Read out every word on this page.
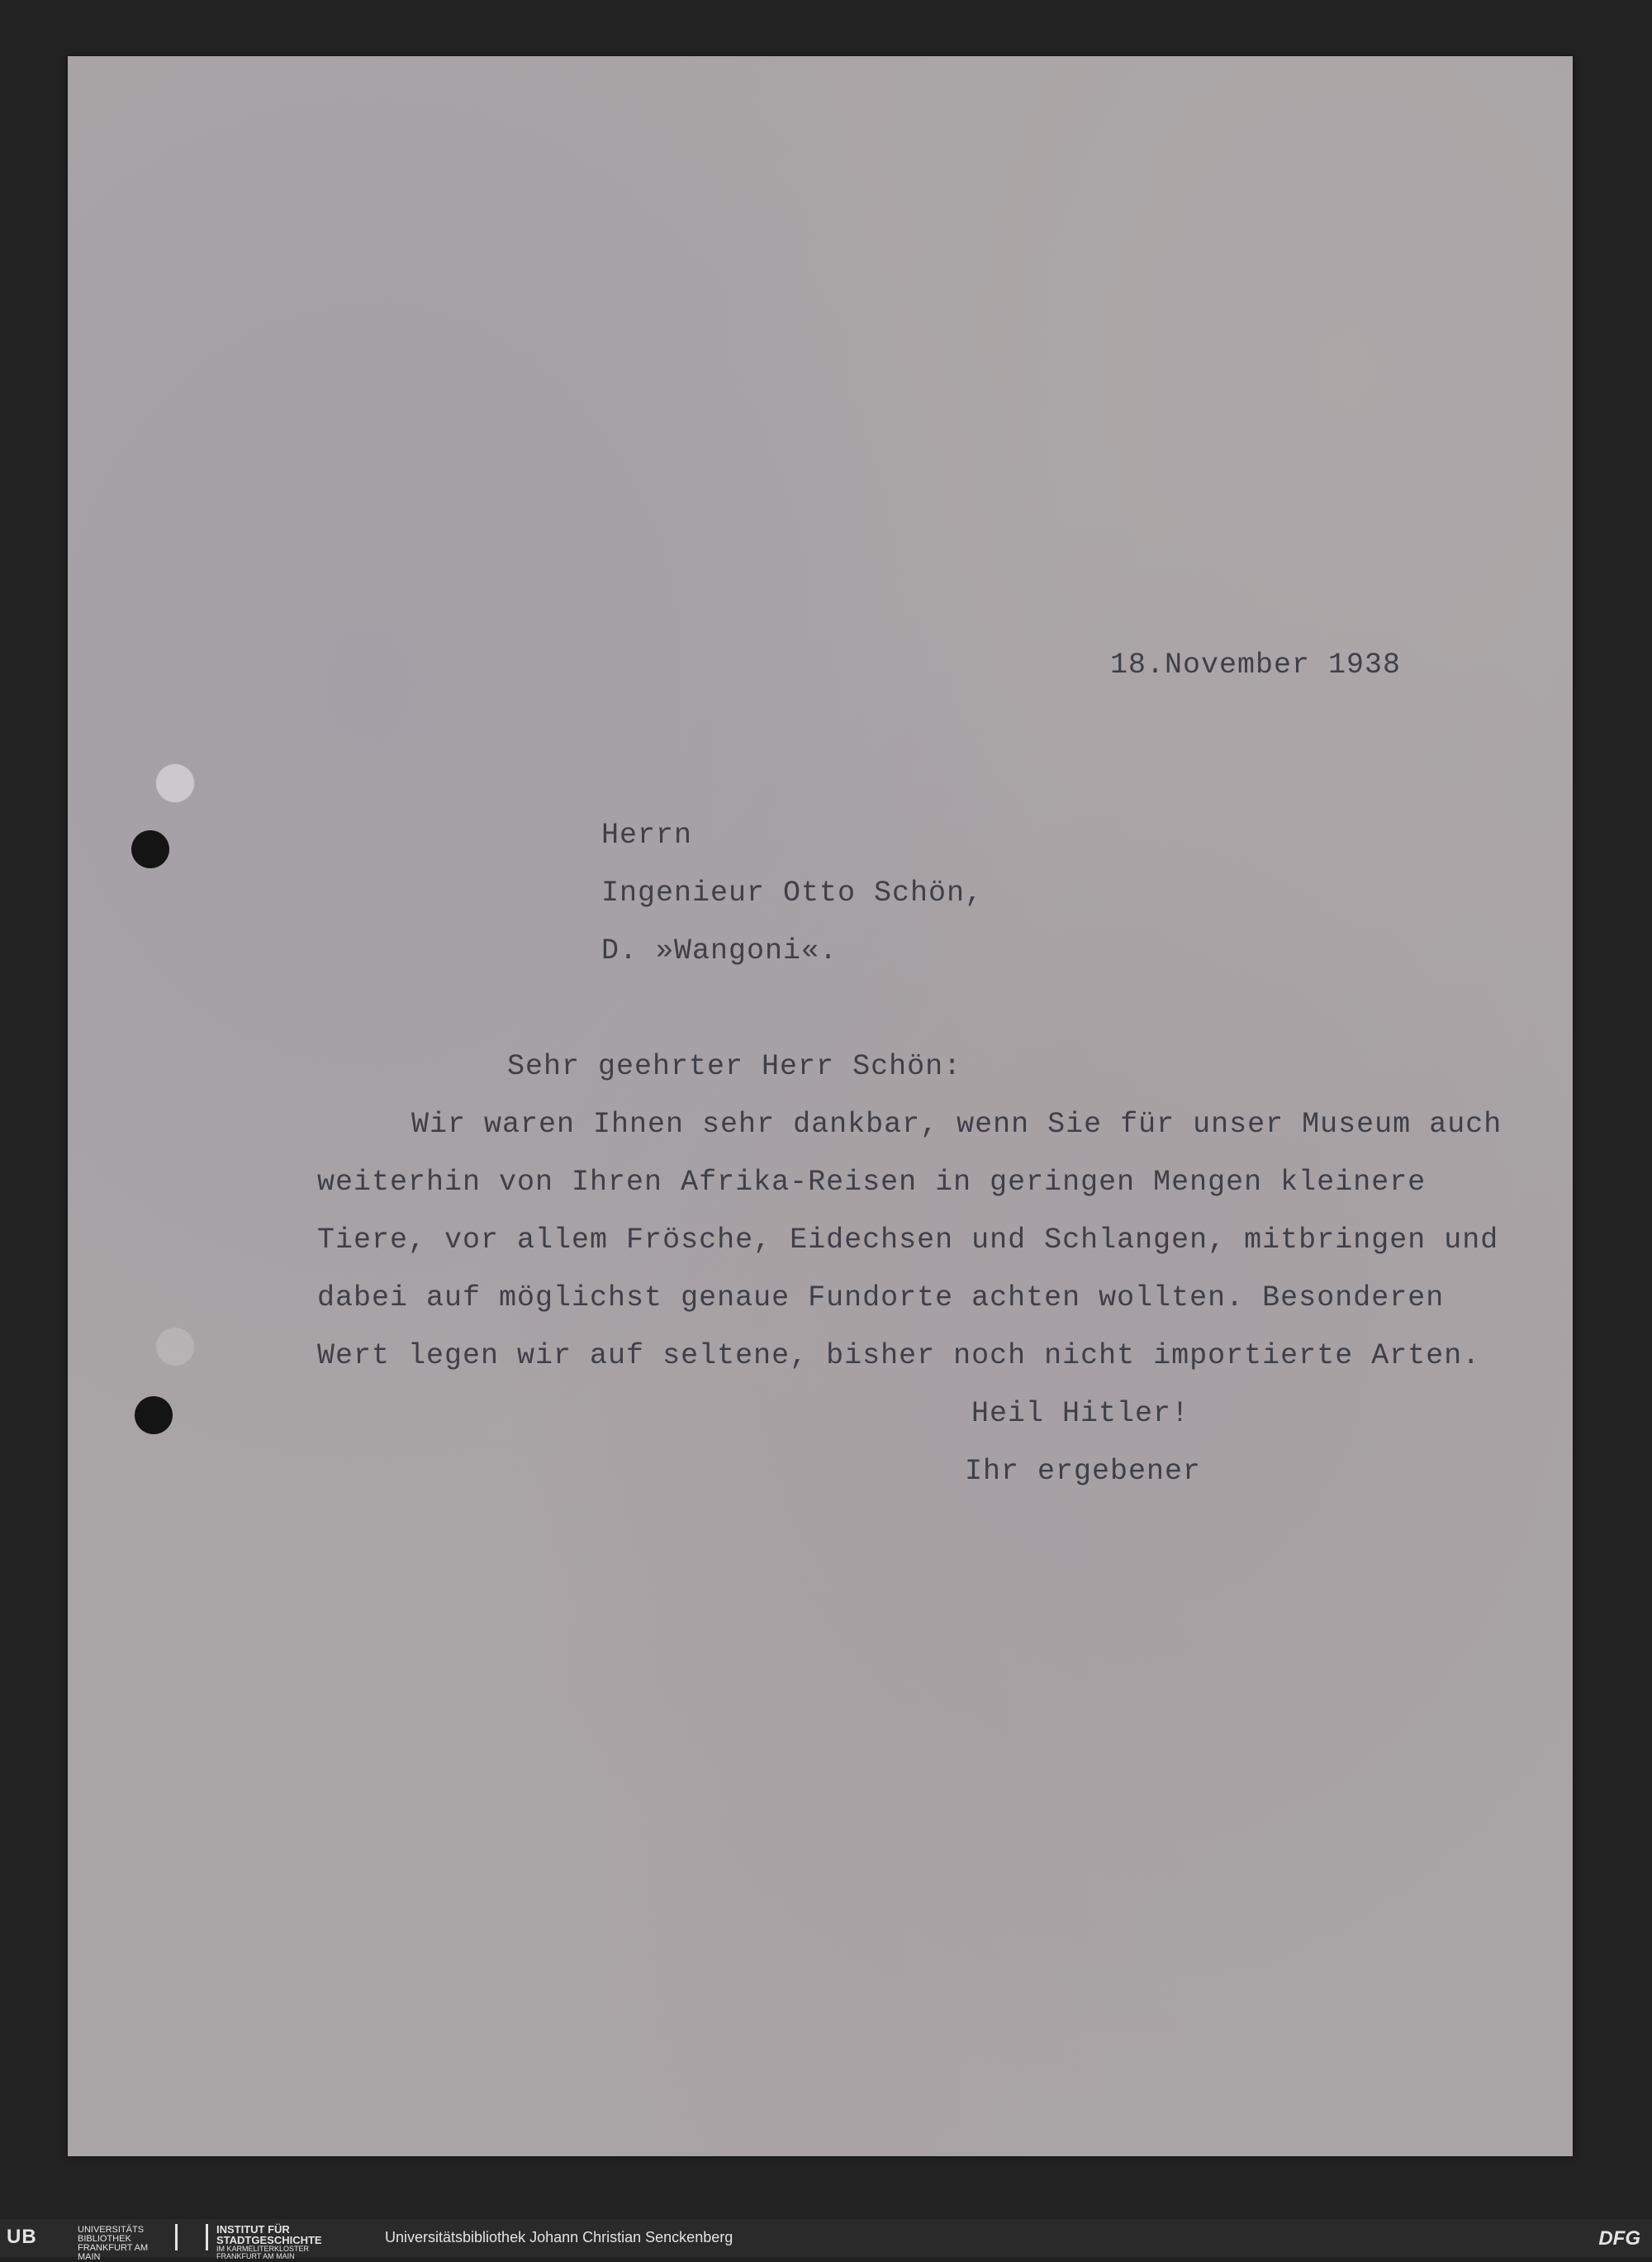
18.November 1938

Herrn

Ingenieur Otto Schön,

D. »Wangoni«.

Sehr geehrter Herr Schön:

Wir waren Ihnen sehr dankbar, wenn Sie für unser Museum auch

weiterhin von Ihren Afrika-Reisen in geringen Mengen kleinere

Tiere, vor allem Frösche, Eidechsen und Schlangen, mitbringen und

dabei auf möglichst genaue Fundorte achten wollten. Besonderen

Wert legen wir auf seltene, bisher noch nicht importierte Arten.

Heil Hitler!

Ihr ergebener

UB	UNIVERSITÄTS BIBLIOTHEK FRANKFURT AM MAIN
INSTITUT FÜR STADTGESCHICHTE
IM KARMELITERKLOSTER FRANKFURT AM MAIN
Universitätsbibliothek Johann Christian Senckenberg	DFG
